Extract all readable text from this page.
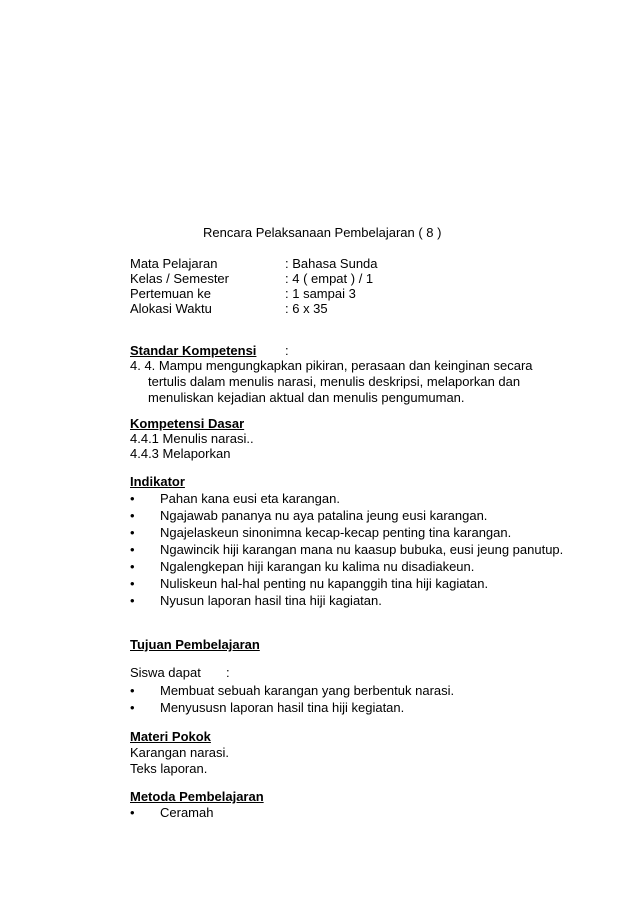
Rencara Pelaksanaan Pembelajaran ( 8 )
Mata Pelajaran	: Bahasa Sunda
Kelas / Semester	: 4 ( empat ) / 1
Pertemuan ke	: 1 sampai 3
Alokasi Waktu	: 6 x 35
Standar Kompetensi :
4. 4. Mampu mengungkapkan pikiran, perasaan dan keinginan secara
tertulis dalam menulis narasi, menulis deskripsi, melaporkan dan
menuliskan kejadian aktual dan menulis pengumuman.
Kompetensi Dasar
4.4.1 Menulis narasi..
4.4.3 Melaporkan
Indikator
•	Pahan kana eusi eta karangan.
•	Ngajawab pananya nu aya patalina jeung eusi karangan.
•	Ngajelaskeun sinonimna kecap-kecap penting tina karangan.
•	Ngawincik hiji karangan mana nu kaasup bubuka, eusi jeung panutup.
•	Ngalengkepan hiji karangan ku kalima nu disadiakeun.
•	Nuliskeun hal-hal penting nu kapanggih tina hiji kagiatan.
•	Nyusun laporan hasil tina hiji kagiatan.
Tujuan Pembelajaran
Siswa dapat :
•	Membuat sebuah karangan yang berbentuk narasi.
•	Menyususn laporan hasil tina hiji kegiatan.
Materi Pokok
Karangan narasi.
Teks laporan.
Metoda Pembelajaran
•	Ceramah
